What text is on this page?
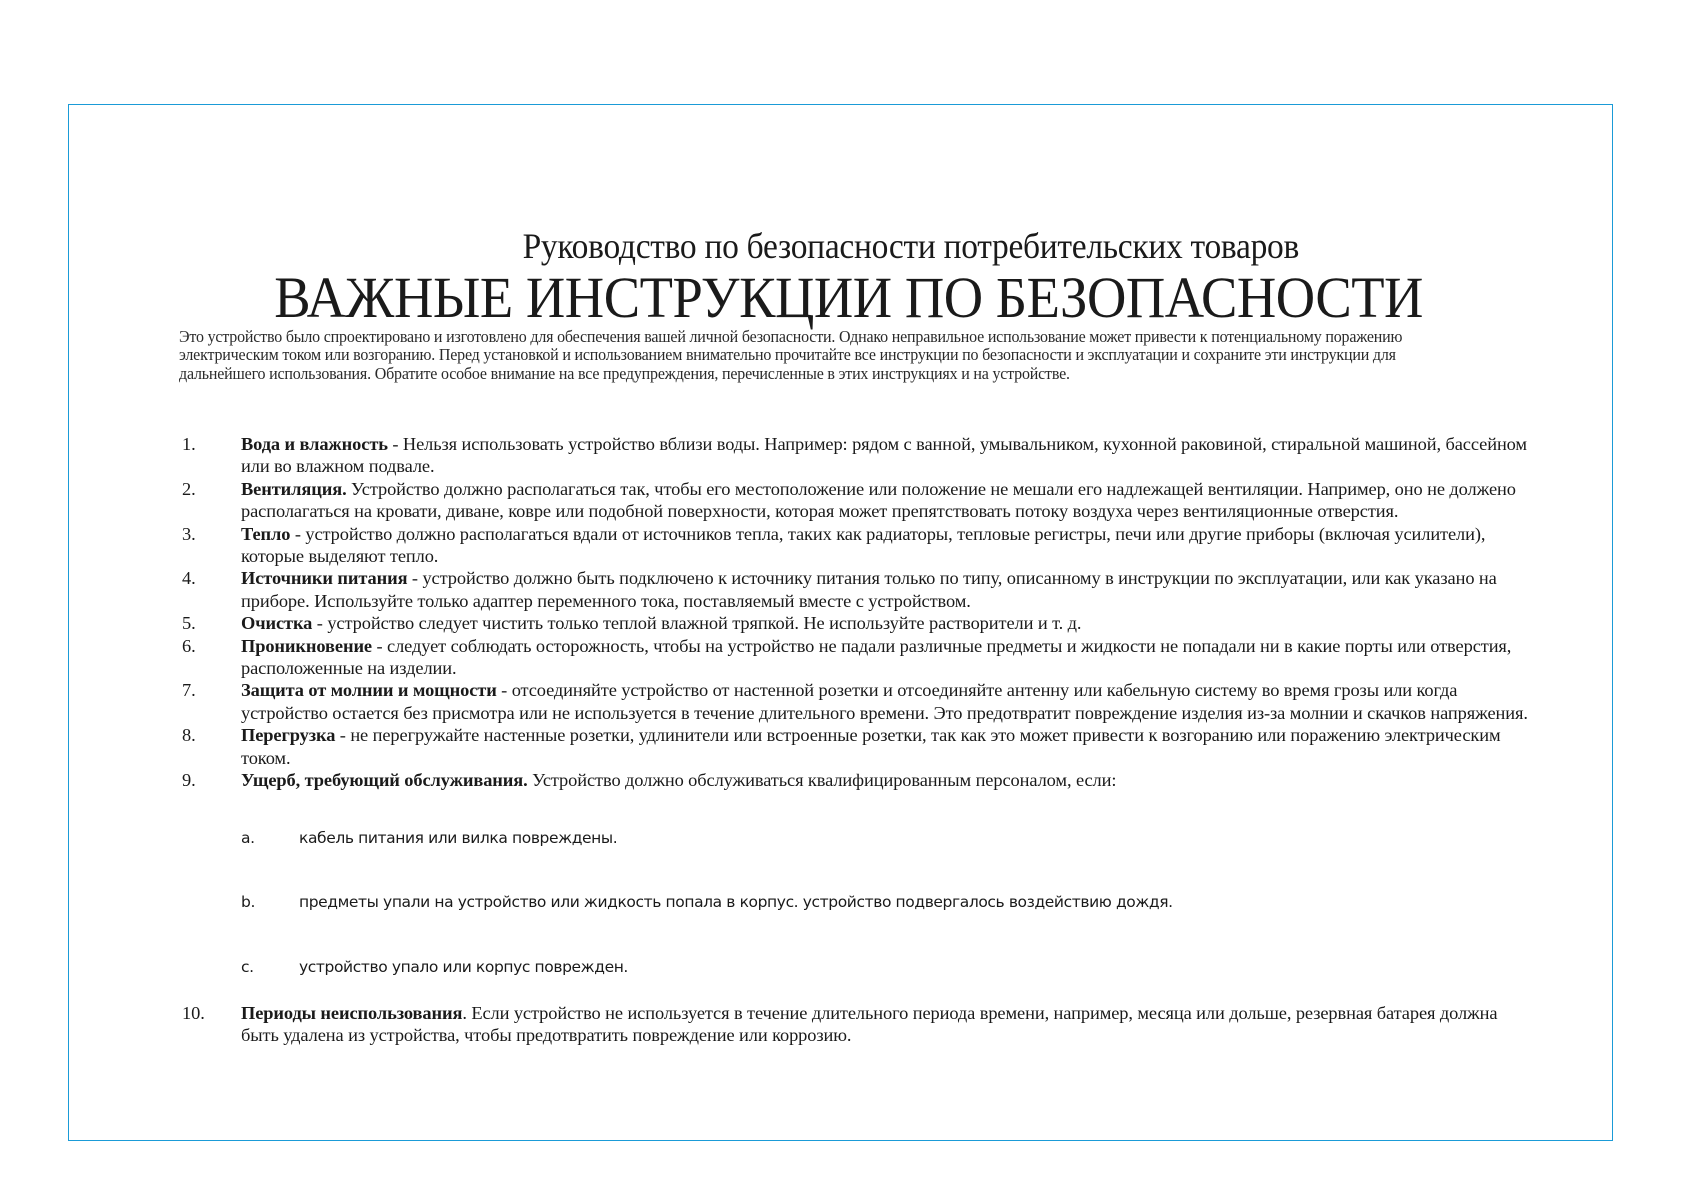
Руководство по безопасности потребительских товаров
ВАЖНЫЕ ИНСТРУКЦИИ ПО БЕЗОПАСНОСТИ

Это устройство было спроектировано и изготовлено для обеспечения вашей личной безопасности. Однако неправильное использование может привести к потенциальному поражению электрическим током или возгоранию. Перед установкой и использованием внимательно прочитайте все инструкции по безопасности и эксплуатации и сохраните эти инструкции для дальнейшего использования. Обратите особое внимание на все предупреждения, перечисленные в этих инструкциях и на устройстве.

1. Вода и влажность - Нельзя использовать устройство вблизи воды. Например: рядом с ванной, умывальником, кухонной раковиной, стиральной машиной, бассейном или во влажном подвале.
2. Вентиляция. Устройство должно располагаться так, чтобы его местоположение или положение не мешали его надлежащей вентиляции. Например, оно не должено располагаться на кровати, диване, ковре или подобной поверхности, которая может препятствовать потоку воздуха через вентиляционные отверстия.
3. Тепло - устройство должно располагаться вдали от источников тепла, таких как радиаторы, тепловые регистры, печи или другие приборы (включая усилители), которые выделяют тепло.
4. Источники питания - устройство должно быть подключено к источнику питания только по типу, описанному в инструкции по эксплуатации, или как указано на приборе. Используйте только адаптер переменного тока, поставляемый вместе с устройством.
5. Очистка - устройство следует чистить только теплой влажной тряпкой. Не используйте растворители и т. д.
6. Проникновение - следует соблюдать осторожность, чтобы на устройство не падали различные предметы и жидкости не попадали ни в какие порты или отверстия, расположенные на изделии.
7. Защита от молнии и мощности - отсоединяйте устройство от настенной розетки и отсоединяйте антенну или кабельную систему во время грозы или когда устройство остается без присмотра или не используется в течение длительного времени. Это предотвратит повреждение изделия из-за молнии и скачков напряжения.
8. Перегрузка - не перегружайте настенные розетки, удлинители или встроенные розетки, так как это может привести к возгоранию или поражению электрическим током.
9. Ущерб, требующий обслуживания. Устройство должно обслуживаться квалифицированным персоналом, если:
a.	кабель питания или вилка повреждены.
b.	предметы упали на устройство или жидкость попала в корпус. устройство подвергалось воздействию дождя.
c.	устройство упало или корпус поврежден.
10. Периоды неиспользования. Если устройство не используется в течение длительного периода времени, например, месяца или дольше, резервная батарея должна быть удалена из устройства, чтобы предотвратить повреждение или коррозию.
